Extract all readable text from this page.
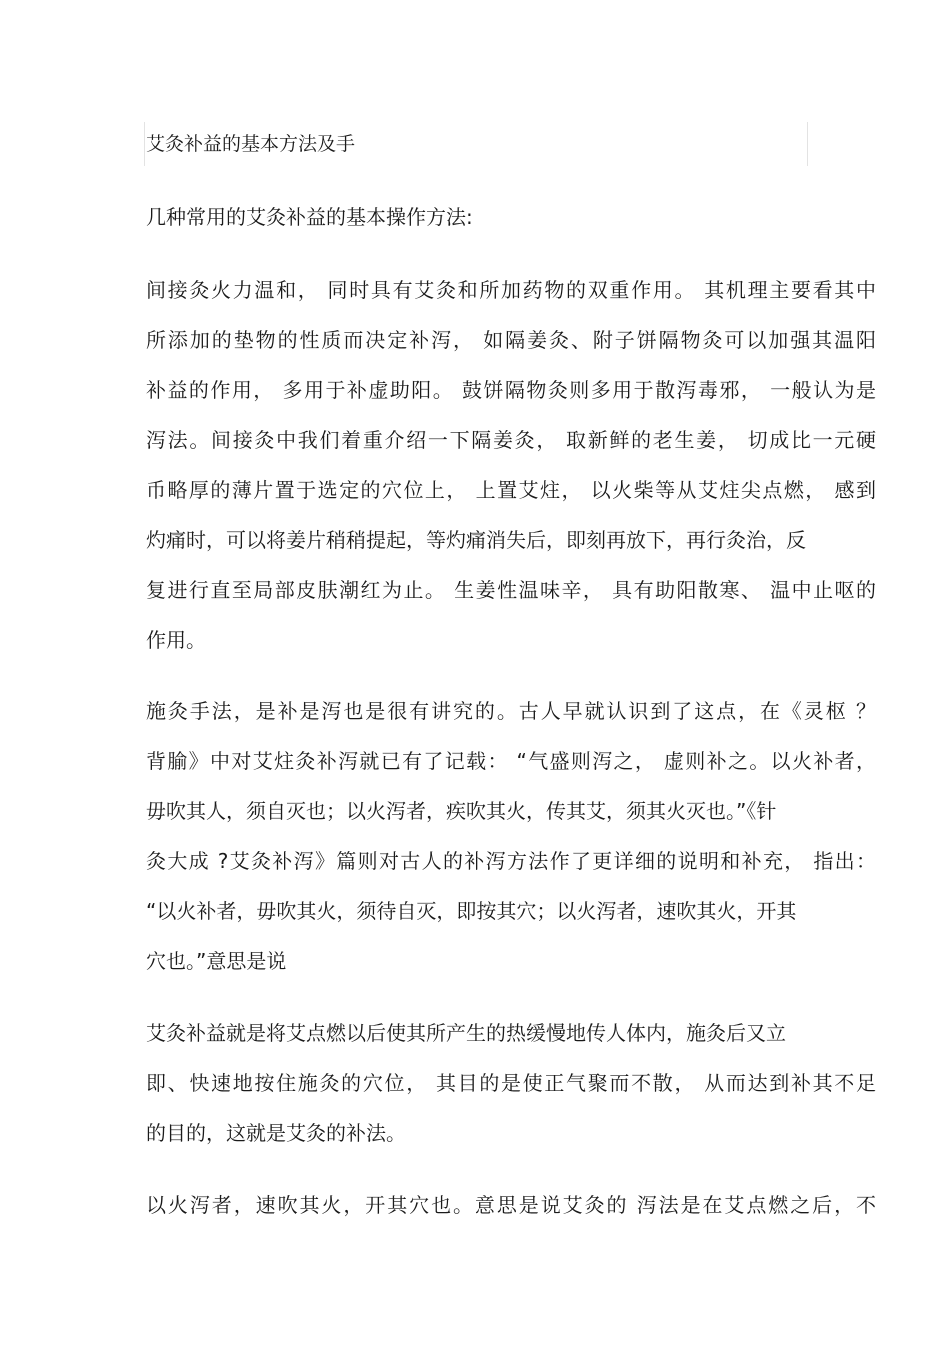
艾灸补益的基本方法及手
几种常用的艾灸补益的基本操作方法:
间接灸火力温和， 同时具有艾灸和所加药物的双重作用。 其机理主要看其中
所添加的垫物的性质而决定补泻， 如隔姜灸、附子饼隔物灸可以加强其温阳
补益的作用， 多用于补虚助阳。 鼓饼隔物灸则多用于散泻毒邪， 一般认为是
泻法。间接灸中我们着重介绍一下隔姜灸， 取新鲜的老生姜， 切成比一元硬
币略厚的薄片置于选定的穴位上， 上置艾炷， 以火柴等从艾炷尖点燃， 感到
灼痛时，可以将姜片稍稍提起，等灼痛消失后，即刻再放下，再行灸治，反
复进行直至局部皮肤潮红为止。 生姜性温味辛， 具有助阳散寒、 温中止呕的
作用。
施灸手法，是补是泻也是很有讲究的。古人早就认识到了这点，在《灵枢 ？
背腧》中对艾炷灸补泻就已有了记载： “气盛则泻之， 虚则补之。以火补者，
毋吹其人，须自灭也；以火泻者，疾吹其火，传其艾，须其火灭也。”《针
灸大成 ?艾灸补泻》篇则对古人的补泻方法作了更详细的说明和补充， 指出：
“以火补者，毋吹其火，须待自灭，即按其穴；以火泻者，速吹其火，开其
穴也。”意思是说
艾灸补益就是将艾点燃以后使其所产生的热缓慢地传人体内，施灸后又立
即、快速地按住施灸的穴位， 其目的是使正气聚而不散， 从而达到补其不足
的目的，这就是艾灸的补法。
以火泻者，速吹其火，开其穴也。意思是说艾灸的 泻法是在艾点燃之后，不
